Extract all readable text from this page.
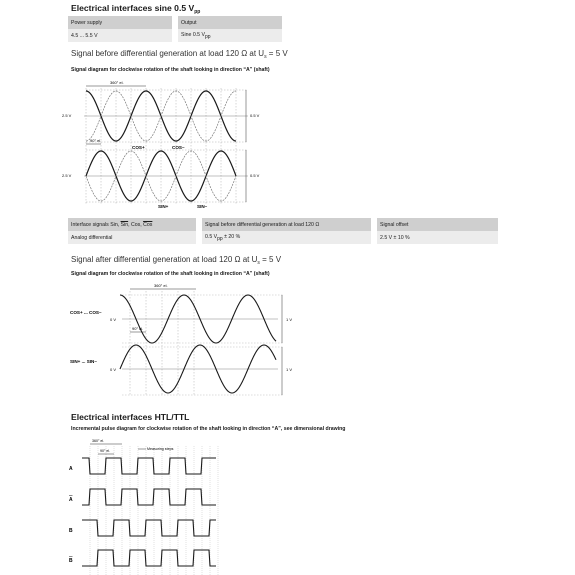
Electrical interfaces sine 0.5 $V_{pp}$
Power supply		Output
4.5 ... 5.5 V		Sine 0.5 Vpp
Signal before differential generation at load 120 Ω at $U_s = 5$ V
Signal diagram for clockwise rotation of the shaft looking in direction “A” (shaft)
360° el.
90° el.
2.5 V
2.5 V
0.5 V
0.5 V
COS+	COS–
SIN+	SIN–
Interface signals Sin, $\overline{Sin}$, Cos, $\overline{Cos}$		Signal before differential generation at load 120 Ω		Signal offset
Analog differential		0.5 Vpp ± 20 %		2.5 V ± 10 %
Signal after differential generation at load 120 Ω at $U_s = 5$ V
Signal diagram for clockwise rotation of the shaft looking in direction “A” (shaft)
360° el.
90° el.
0 V
0 V
1 V
1 V
COS+ ... COS–
SIN+ ... SIN–
Electrical interfaces HTL/TTL
Incremental pulse diagram for clockwise rotation of the shaft looking in direction “A”, see dimensional drawing
360° el.
90° el.	Measuring steps
A
A
B
B
